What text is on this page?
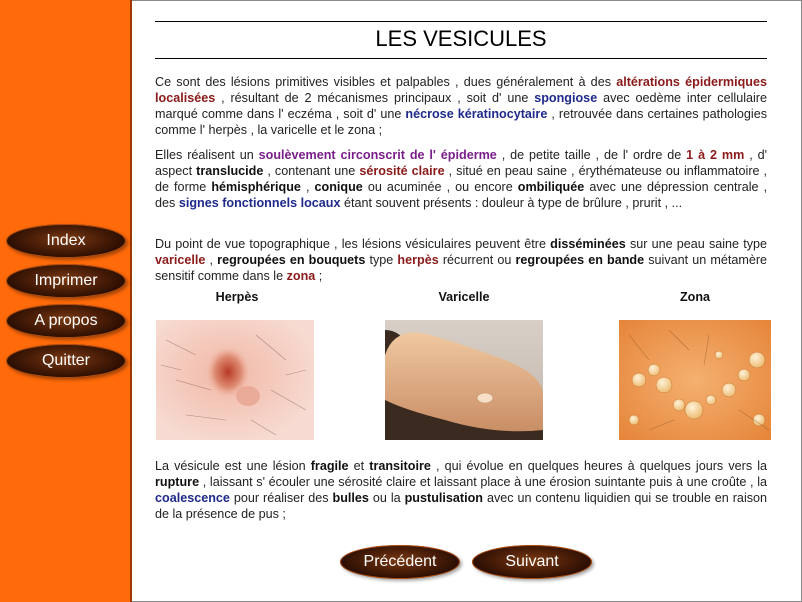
Index
Imprimer
A propos
Quitter
LES VESICULES

Ce sont des lésions primitives visibles et palpables , dues généralement à des altérations épidermiques localisées , résultant de 2 mécanismes principaux , soit d' une spongiose avec oedème inter cellulaire marqué comme dans l' eczéma , soit d' une nécrose kératinocytaire , retrouvée dans certaines pathologies comme l' herpès , la varicelle et le zona ;

Elles réalisent un soulèvement circonscrit de l' épiderme , de petite taille , de l' ordre de 1 à 2 mm , d' aspect translucide , contenant une sérosité claire , situé en peau saine , érythémateuse ou inflammatoire , de forme hémisphérique , conique ou acuminée , ou encore ombiliquée avec une dépression centrale , des signes fonctionnels locaux étant souvent présents : douleur à type de brûlure , prurit , ...

Du point de vue topographique , les lésions vésiculaires peuvent être disséminées sur une peau saine type varicelle , regroupées en bouquets type herpès récurrent ou regroupées en bande suivant un métamère sensitif comme dans le zona ;

Herpès	Varicelle	Zona

La vésicule est une lésion fragile et transitoire , qui évolue en quelques heures à quelques jours vers la rupture , laissant s' écouler une sérosité claire et laissant place à une érosion suintante puis à une croûte , la coalescence pour réaliser des bulles ou la pustulisation avec un contenu liquidien qui se trouble en raison de la présence de pus ;

Précédent	Suivant
